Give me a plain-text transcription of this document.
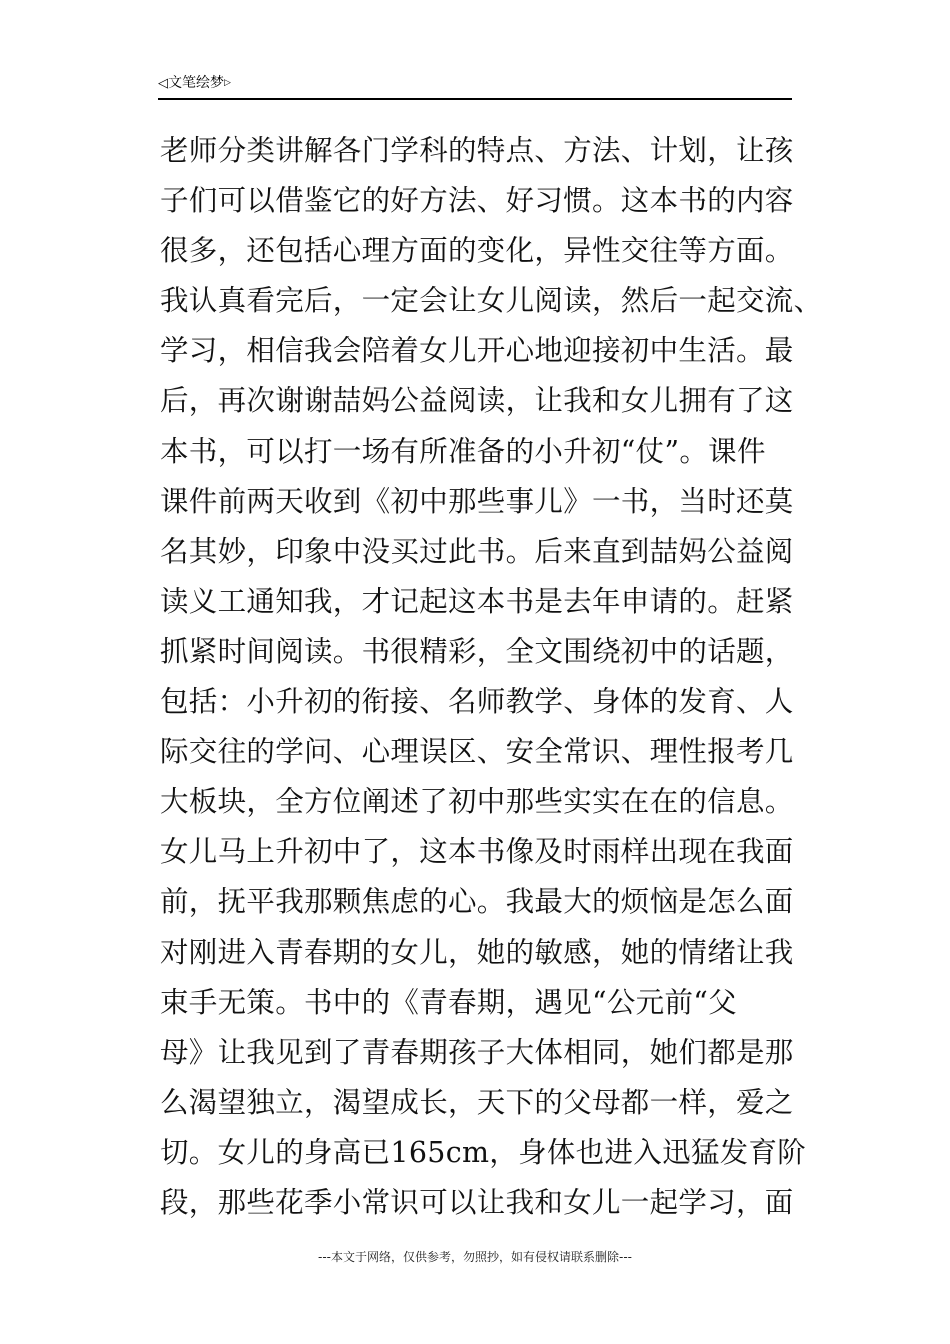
◁文笔绘梦▷
老师分类讲解各门学科的特点、方法、计划，让孩
子们可以借鉴它的好方法、好习惯。这本书的内容
很多，还包括心理方面的变化，异性交往等方面。
我认真看完后，一定会让女儿阅读，然后一起交流、
学习，相信我会陪着女儿开心地迎接初中生活。最
后，再次谢谢喆妈公益阅读，让我和女儿拥有了这
本书，可以打一场有所准备的小升初“仗”。课件
课件前两天收到《初中那些事儿》一书，当时还莫
名其妙，印象中没买过此书。后来直到喆妈公益阅
读义工通知我，才记起这本书是去年申请的。赶紧
抓紧时间阅读。书很精彩，全文围绕初中的话题，
包括：小升初的衔接、名师教学、身体的发育、人
际交往的学问、心理误区、安全常识、理性报考几
大板块，全方位阐述了初中那些实实在在的信息。
女儿马上升初中了，这本书像及时雨样出现在我面
前，抚平我那颗焦虑的心。我最大的烦恼是怎么面
对刚进入青春期的女儿，她的敏感，她的情绪让我
束手无策。书中的《青春期，遇见“公元前“父
母》让我见到了青春期孩子大体相同，她们都是那
么渴望独立，渴望成长，天下的父母都一样，爱之
切。女儿的身高已165cm，身体也进入迅猛发育阶
段，那些花季小常识可以让我和女儿一起学习，面
---本文于网络，仅供参考，勿照抄，如有侵权请联系删除---
